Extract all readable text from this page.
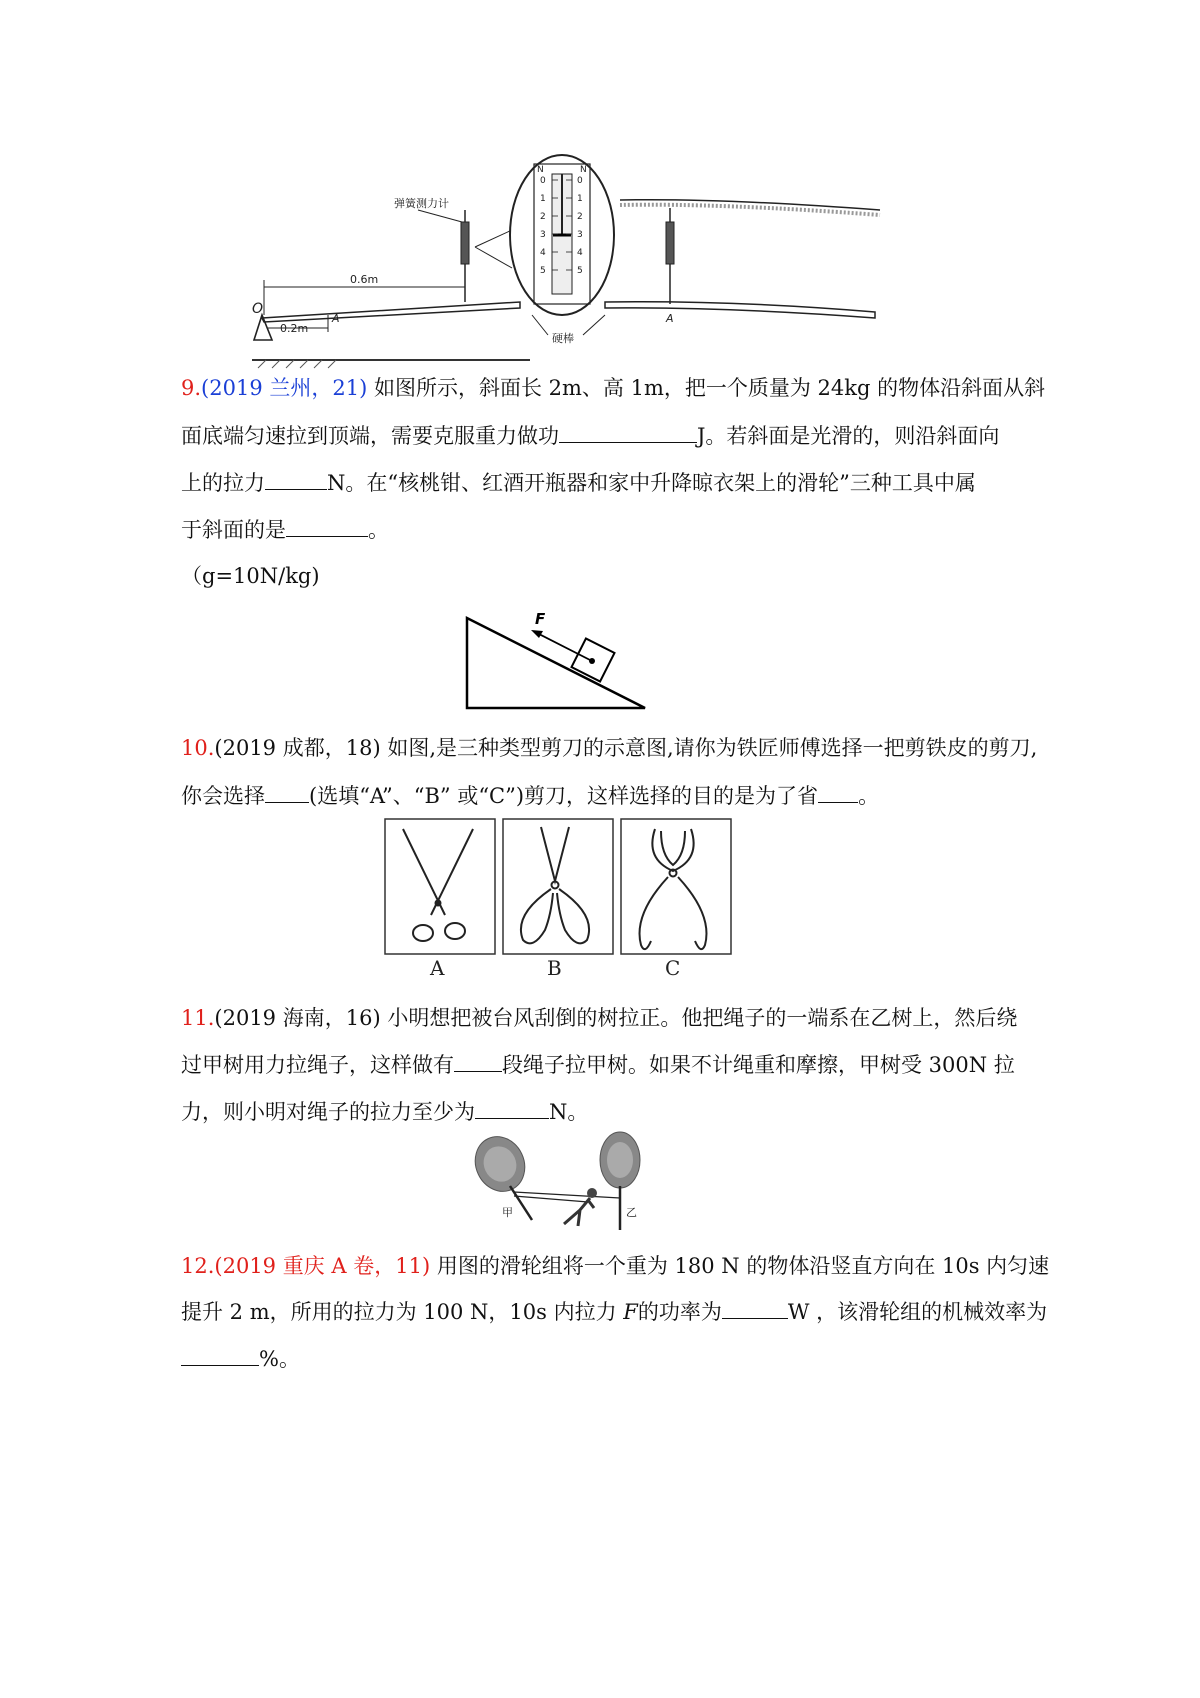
O
0.6m
0.2m
A
弹簧测力计
N	N
0
1
2
3
4
5
0
1
2
3
4
5
硬棒
A
9.(2019 兰州，21) 如图所示，斜面长 2m、高 1m，把一个质量为 24kg 的物体沿斜面从斜
面底端匀速拉到顶端，需要克服重力做功	J。若斜面是光滑的，则沿斜面向
上的拉力	N。在“核桃钳、红酒开瓶器和家中升降晾衣架上的滑轮”三种工具中属
于斜面的是	。
（g=10N/kg)
F
10.(2019 成都，18) 如图,是三种类型剪刀的示意图,请你为铁匠师傅选择一把剪铁皮的剪刀,
你会选择 (选填“A”、“B” 或“C”)剪刀，这样选择的目的是为了省 。
A	B	C
11.(2019 海南，16) 小明想把被台风刮倒的树拉正。他把绳子的一端系在乙树上，然后绕
过甲树用力拉绳子，这样做有 段绳子拉甲树。如果不计绳重和摩擦，甲树受 300N 拉
力，则小明对绳子的拉力至少为	N。
甲	乙
12.(2019 重庆 A 卷，11) 用图的滑轮组将一个重为 180 N 的物体沿竖直方向在 10s 内匀速
提升 2 m，所用的拉力为 100 N，10s 内拉力 F的功率为	W ，该滑轮组的机械效率为
%。
